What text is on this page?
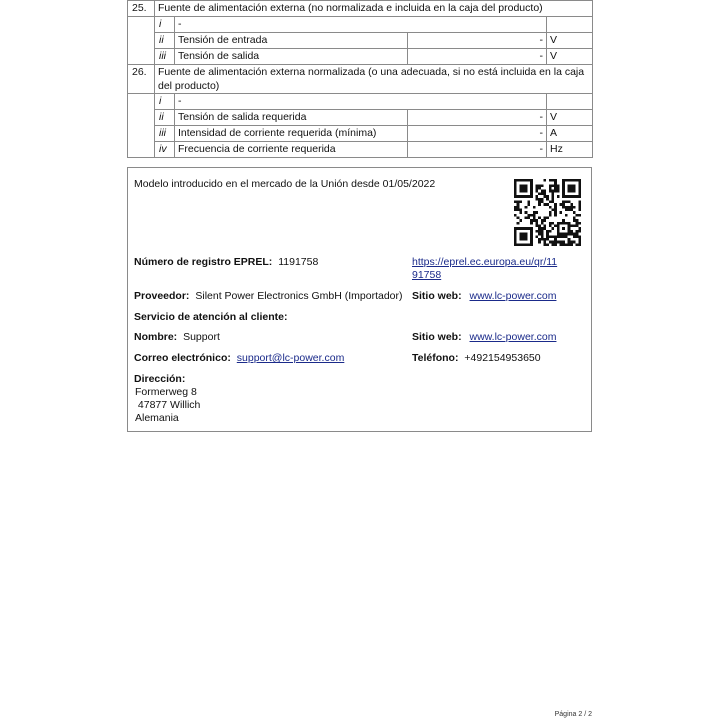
25.	Fuente de alimentación externa (no normalizada e incluida en la caja del producto)			
	i	-		
	ii	Tensión de entrada	-	V
	iii	Tensión de salida	-	V
26.	Fuente de alimentación externa normalizada (o una adecuada, si no está incluida en la caja del producto)			
	i	-		
	ii	Tensión de salida requerida	-	V
	iii	Intensidad de corriente requerida (mínima)	-	A
	iv	Frecuencia de corriente requerida	-	Hz
Modelo introducido en el mercado de la Unión desde 01/05/2022
Número de registro EPREL: 1191758	https://eprel.ec.europa.eu/qr/11
91758
Proveedor: Silent Power Electronics GmbH (Importador) Sitio web: www.lc-power.com
Servicio de atención al cliente:
Nombre: Support	Sitio web: www.lc-power.com
Correo electrónico: support@lc-power.com	Teléfono: +492154953650
Dirección:
Formerweg 8
47877 Willich
Alemania
Página 2 / 2
